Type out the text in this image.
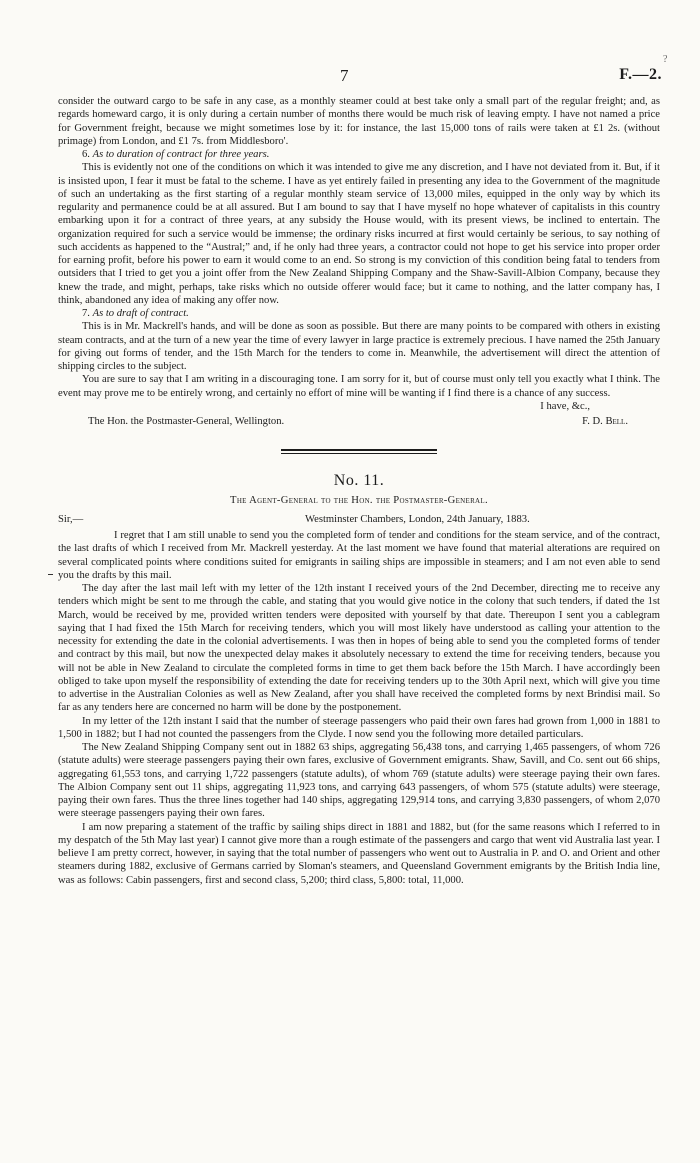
7	F.—2.
?

consider the outward cargo to be safe in any case, as a monthly steamer could at best take only a small part of the regular freight; and, as regards homeward cargo, it is only during a certain number of months there would be much risk of leaving empty. I have not named a price for Government freight, because we might sometimes lose by it: for instance, the last 15,000 tons of rails were taken at £1 2s. (without primage) from London, and £1 7s. from Middlesboro'.

6. As to duration of contract for three years.

This is evidently not one of the conditions on which it was intended to give me any discretion, and I have not deviated from it. But, if it is insisted upon, I fear it must be fatal to the scheme. I have as yet entirely failed in presenting any idea to the Government of the magnitude of such an undertaking as the first starting of a regular monthly steam service of 13,000 miles, equipped in the only way by which its regularity and permanence could be at all assured. But I am bound to say that I have myself no hope whatever of capitalists in this country embarking upon it for a contract of three years, at any subsidy the House would, with its present views, be inclined to entertain. The organization required for such a service would be immense; the ordinary risks incurred at first would certainly be serious, to say nothing of such accidents as happened to the “Austral;” and, if he only had three years, a contractor could not hope to get his service into proper order for earning profit, before his power to earn it would come to an end. So strong is my conviction of this condition being fatal to tenders from outsiders that I tried to get you a joint offer from the New Zealand Shipping Company and the Shaw-Savill-Albion Company, because they knew the trade, and might, perhaps, take risks which no outside offerer would face; but it came to nothing, and the latter company has, I think, abandoned any idea of making any offer now.

7. As to draft of contract.

This is in Mr. Mackrell's hands, and will be done as soon as possible. But there are many points to be compared with others in existing steam contracts, and at the turn of a new year the time of every lawyer in large practice is extremely precious. I have named the 25th January for giving out forms of tender, and the 15th March for the tenders to come in. Meanwhile, the advertisement will direct the attention of shipping circles to the subject.

You are sure to say that I am writing in a discouraging tone. I am sorry for it, but of course must only tell you exactly what I think. The event may prove me to be entirely wrong, and certainly no effort of mine will be wanting if I find there is a chance of any success.

I have, &c.,
The Hon. the Postmaster-General, Wellington.	F. D. Bell.
No. 11.
The Agent-General to the Hon. the Postmaster-General.
Sir,—	Westminster Chambers, London, 24th January, 1883.

I regret that I am still unable to send you the completed form of tender and conditions for the steam service, and of the contract, the last drafts of which I received from Mr. Mackrell yesterday. At the last moment we have found that material alterations are required on several complicated points where conditions suited for emigrants in sailing ships are impossible in steamers; and I am not even able to send you the drafts by this mail.

The day after the last mail left with my letter of the 12th instant I received yours of the 2nd December, directing me to receive any tenders which might be sent to me through the cable, and stating that you would give notice in the colony that such tenders, if dated the 1st March, would be received by me, provided written tenders were deposited with yourself by that date. Thereupon I sent you a cablegram saying that I had fixed the 15th March for receiving tenders, which you will most likely have understood as calling your attention to the necessity for extending the date in the colonial advertisements. I was then in hopes of being able to send you the completed forms of tender and contract by this mail, but now the unexpected delay makes it absolutely necessary to extend the time for receiving tenders, because you will not be able in New Zealand to circulate the completed forms in time to get them back before the 15th March. I have accordingly been obliged to take upon myself the responsibility of extending the date for receiving tenders up to the 30th April next, which will give you time to advertise in the Australian Colonies as well as New Zealand, after you shall have received the completed forms by next Brindisi mail. So far as any tenders here are concerned no harm will be done by the postponement.

In my letter of the 12th instant I said that the number of steerage passengers who paid their own fares had grown from 1,000 in 1881 to 1,500 in 1882; but I had not counted the passengers from the Clyde. I now send you the following more detailed particulars.

The New Zealand Shipping Company sent out in 1882 63 ships, aggregating 56,438 tons, and carrying 1,465 passengers, of whom 726 (statute adults) were steerage passengers paying their own fares, exclusive of Government emigrants. Shaw, Savill, and Co. sent out 66 ships, aggregating 61,553 tons, and carrying 1,722 passengers (statute adults), of whom 769 (statute adults) were steerage paying their own fares. The Albion Company sent out 11 ships, aggregating 11,923 tons, and carrying 643 passengers, of whom 575 (statute adults) were steerage, paying their own fares. Thus the three lines together had 140 ships, aggregating 129,914 tons, and carrying 3,830 passengers, of whom 2,070 were steerage passengers paying their own fares.

I am now preparing a statement of the traffic by sailing ships direct in 1881 and 1882, but (for the same reasons which I referred to in my despatch of the 5th May last year) I cannot give more than a rough estimate of the passengers and cargo that went vid Australia last year. I believe I am pretty correct, however, in saying that the total number of passengers who went out to Australia in P. and O. and Orient and other steamers during 1882, exclusive of Germans carried by Sloman's steamers, and Queensland Government emigrants by the British India line, was as follows: Cabin passengers, first and second class, 5,200; third class, 5,800: total, 11,000.
